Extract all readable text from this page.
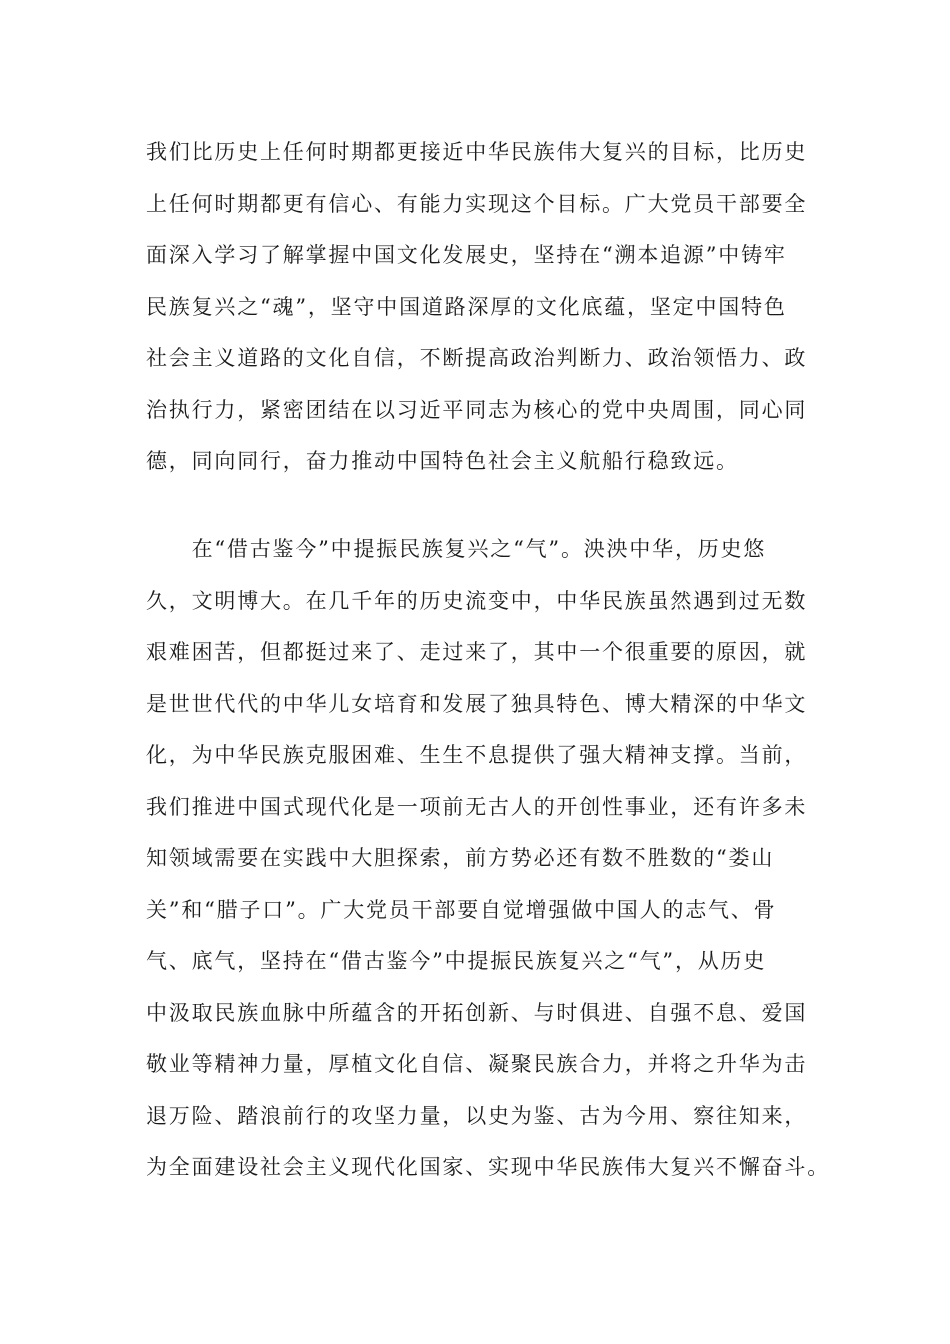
我们比历史上任何时期都更接近中华民族伟大复兴的目标，比历史
上任何时期都更有信心、有能力实现这个目标。广大党员干部要全
面深入学习了解掌握中国文化发展史，坚持在“溯本追源”中铸牢
民族复兴之“魂”，坚守中国道路深厚的文化底蕴，坚定中国特色
社会主义道路的文化自信，不断提高政治判断力、政治领悟力、政
治执行力，紧密团结在以习近平同志为核心的党中央周围，同心同
德，同向同行，奋力推动中国特色社会主义航船行稳致远。
　　在“借古鉴今”中提振民族复兴之“气”。泱泱中华，历史悠
久，文明博大。在几千年的历史流变中，中华民族虽然遇到过无数
艰难困苦，但都挺过来了、走过来了，其中一个很重要的原因，就
是世世代代的中华儿女培育和发展了独具特色、博大精深的中华文
化，为中华民族克服困难、生生不息提供了强大精神支撑。当前，
我们推进中国式现代化是一项前无古人的开创性事业，还有许多未
知领域需要在实践中大胆探索，前方势必还有数不胜数的“娄山
关”和“腊子口”。广大党员干部要自觉增强做中国人的志气、骨
气、底气，坚持在“借古鉴今”中提振民族复兴之“气”，从历史
中汲取民族血脉中所蕴含的开拓创新、与时俱进、自强不息、爱国
敬业等精神力量，厚植文化自信、凝聚民族合力，并将之升华为击
退万险、踏浪前行的攻坚力量，以史为鉴、古为今用、察往知来，
为全面建设社会主义现代化国家、实现中华民族伟大复兴不懈奋斗。
